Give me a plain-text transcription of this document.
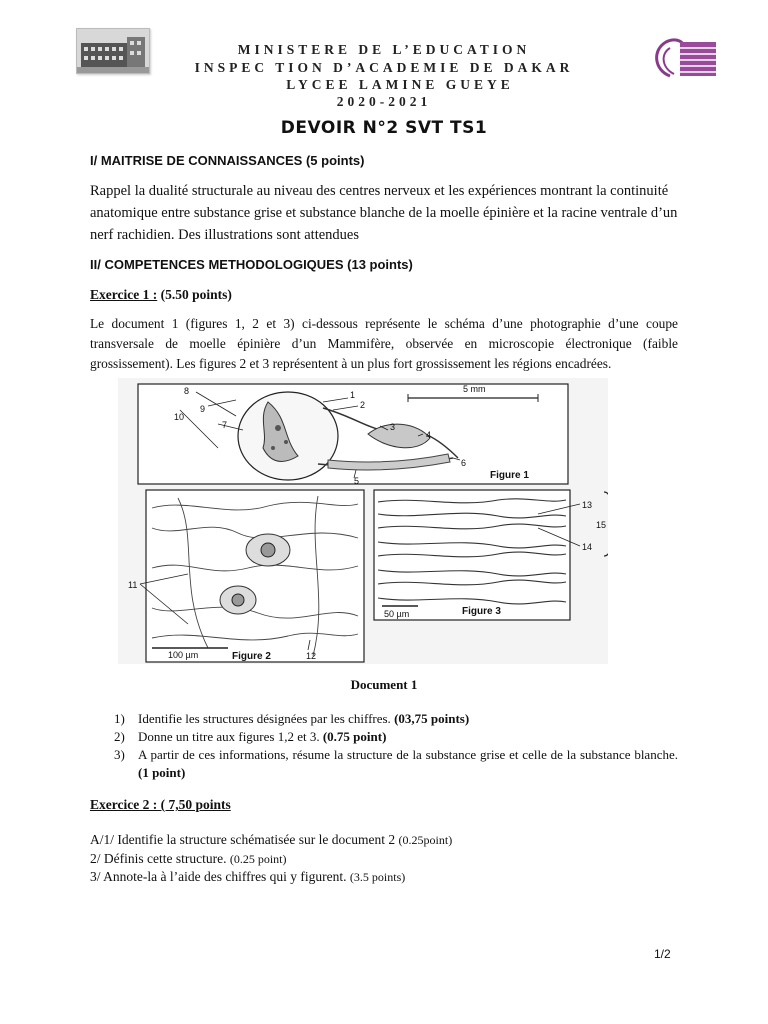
MINISTERE DE L’EDUCATION
INSPEC TION D’ACADEMIE DE DAKAR
LYCEE LAMINE GUEYE
2020-2021
DEVOIR N°2 SVT TS1
I/ MAITRISE DE CONNAISSANCES (5 points)
Rappel la dualité structurale au niveau des centres nerveux et les expériences montrant la continuité anatomique entre substance grise et substance blanche de la moelle épinière et la racine ventrale d’un nerf rachidien. Des illustrations sont attendues
II/ COMPETENCES METHODOLOGIQUES (13 points)
Exercice 1 : (5.50 points)
Le document 1 (figures 1, 2 et 3) ci-dessous représente le schéma d’une photographie d’une coupe transversale de moelle épinière d’un Mammifère, observée en microscopie électronique (faible grossissement). Les figures 2 et 3 représentent à un plus fort grossissement les régions encadrées.
5 mm
Figure 1
1
2
3
4
5
6
7
8
9
10
100 µm	Figure 2
11
12
50 µm	Figure 3
13
14
15
Document 1
1)	Identifie les structures désignées par les chiffres. (03,75 points)
2)	Donne un titre aux figures 1,2 et 3. (0.75 point)
3)	A partir de ces informations, résume la structure de la substance grise et celle de la substance blanche. (1 point)
Exercice 2 : ( 7,50 points
A/1/ Identifie la structure schématisée sur le document 2 (0.25point)
2/ Définis cette structure. (0.25 point)
3/ Annote-la à l’aide des chiffres qui y figurent. (3.5 points)
1/2
